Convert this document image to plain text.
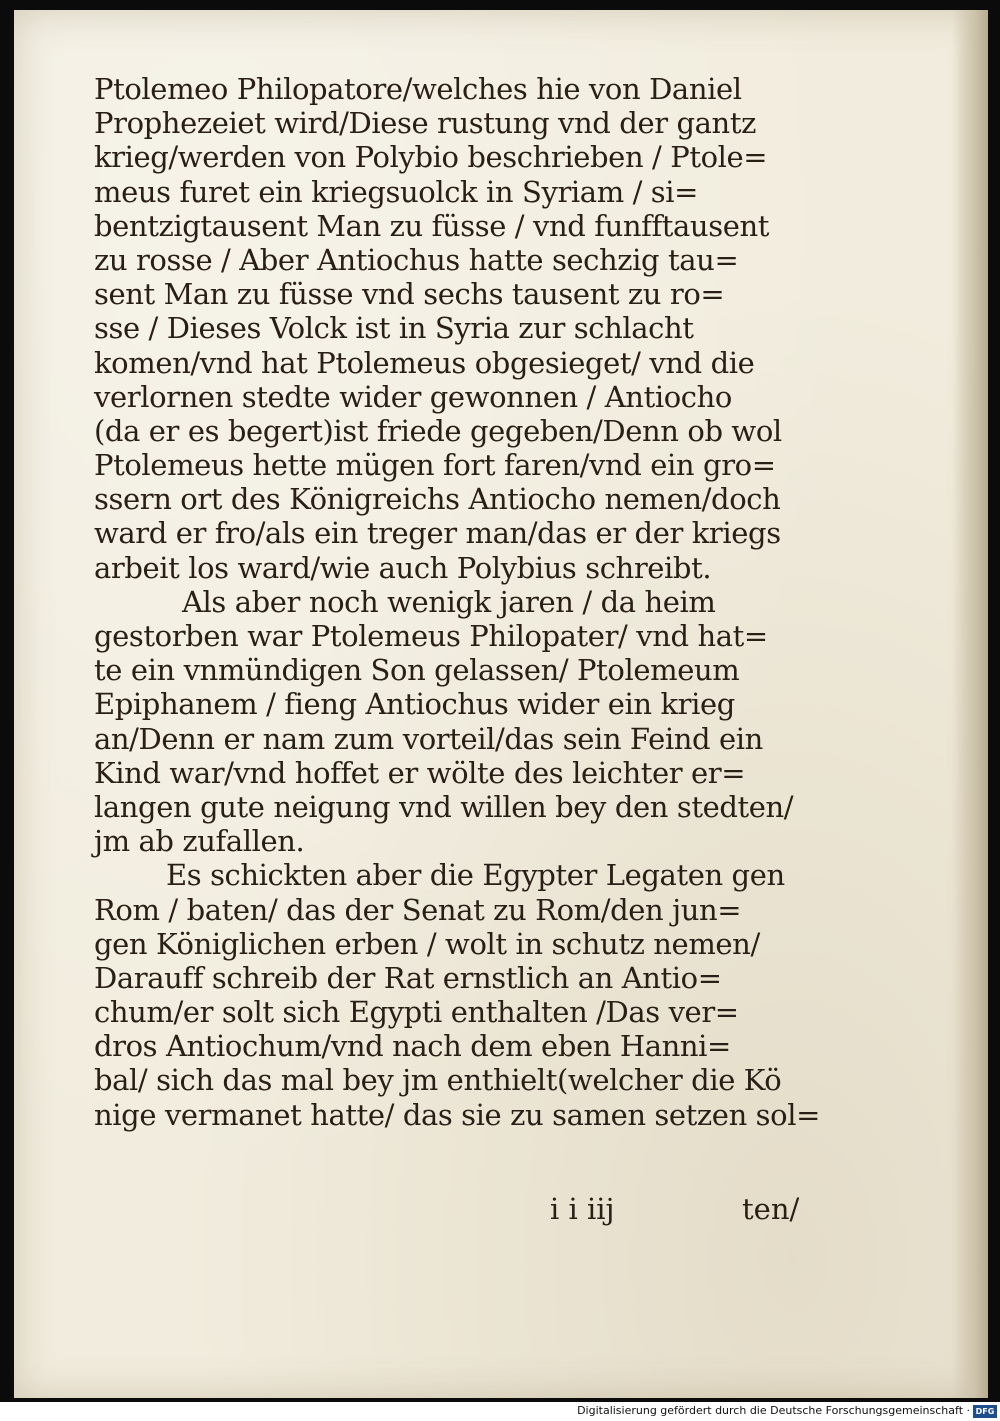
Ptolemeo Philopatore/welches hie von Daniel
Prophezeiet wird/Diese rustung vnd der gantz
krieg/werden von Polybio beschrieben / Ptole=
meus furet ein kriegsuolck in Syriam / si=
bentzigtausent Man zu füsse / vnd funfftausent
zu rosse / Aber Antiochus hatte sechzig tau=
sent Man zu füsse vnd sechs tausent zu ro=
sse / Dieses Volck ist in Syria zur schlacht
komen/vnd hat Ptolemeus obgesieget/ vnd die
verlornen stedte wider gewonnen / Antiocho
(da er es begert)ist friede gegeben/Denn ob wol
Ptolemeus hette mügen fort faren/vnd ein gro=
ssern ort des Königreichs Antiocho nemen/doch
ward er fro/als ein treger man/das er der kriegs
arbeit los ward/wie auch Polybius schreibt.
Als aber noch wenigk jaren / da heim
gestorben war Ptolemeus Philopater/ vnd hat=
te ein vnmündigen Son gelassen/ Ptolemeum
Epiphanem / fieng Antiochus wider ein krieg
an/Denn er nam zum vorteil/das sein Feind ein
Kind war/vnd hoffet er wölte des leichter er=
langen gute neigung vnd willen bey den stedten/
jm ab zufallen.
Es schickten aber die Egypter Legaten gen
Rom / baten/ das der Senat zu Rom/den jun=
gen Königlichen erben / wolt in schutz nemen/
Darauff schreib der Rat ernstlich an Antio=
chum/er solt sich Egypti enthalten /Das ver=
dros Antiochum/vnd nach dem eben Hanni=
bal/ sich das mal bey jm enthielt(welcher die Kö
nige vermanet hatte/ das sie zu samen setzen sol=
i i iij	ten/
Digitalisierung gefördert durch die Deutsche Forschungsgemeinschaft · DFG
